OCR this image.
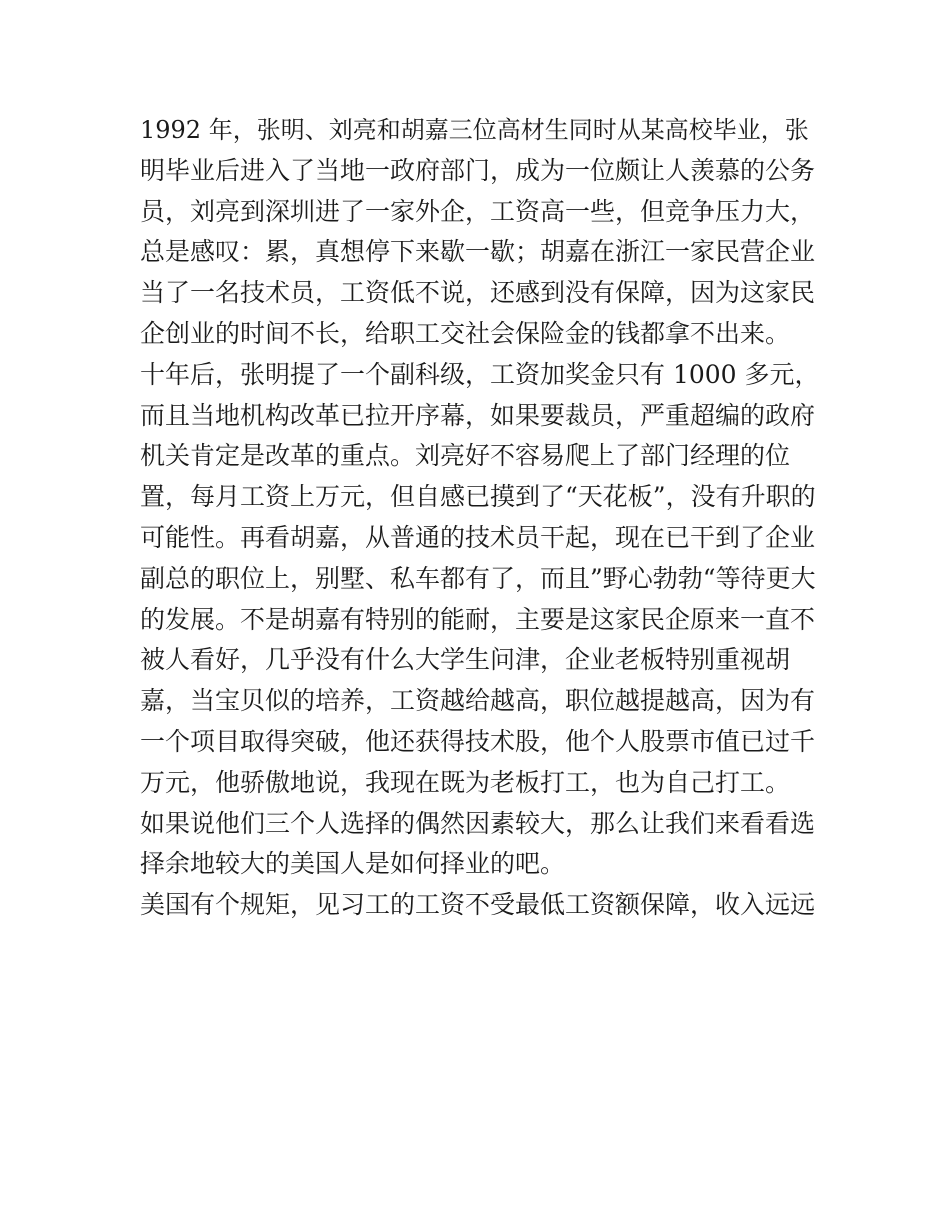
1992 年，张明、刘亮和胡嘉三位高材生同时从某高校毕业，张
明毕业后进入了当地一政府部门，成为一位颇让人羡慕的公务
员，刘亮到深圳进了一家外企，工资高一些，但竞争压力大，
总是感叹：累，真想停下来歇一歇；胡嘉在浙江一家民营企业
当了一名技术员，工资低不说，还感到没有保障，因为这家民
企创业的时间不长，给职工交社会保险金的钱都拿不出来。
十年后，张明提了一个副科级，工资加奖金只有 1000 多元，
而且当地机构改革已拉开序幕，如果要裁员，严重超编的政府
机关肯定是改革的重点。刘亮好不容易爬上了部门经理的位
置，每月工资上万元，但自感已摸到了“天花板”，没有升职的
可能性。再看胡嘉，从普通的技术员干起，现在已干到了企业
副总的职位上，别墅、私车都有了，而且”野心勃勃“等待更大
的发展。不是胡嘉有特别的能耐，主要是这家民企原来一直不
被人看好，几乎没有什么大学生问津，企业老板特别重视胡
嘉，当宝贝似的培养，工资越给越高，职位越提越高，因为有
一个项目取得突破，他还获得技术股，他个人股票市值已过千
万元，他骄傲地说，我现在既为老板打工，也为自己打工。
如果说他们三个人选择的偶然因素较大，那么让我们来看看选
择余地较大的美国人是如何择业的吧。
美国有个规矩，见习工的工资不受最低工资额保障，收入远远
